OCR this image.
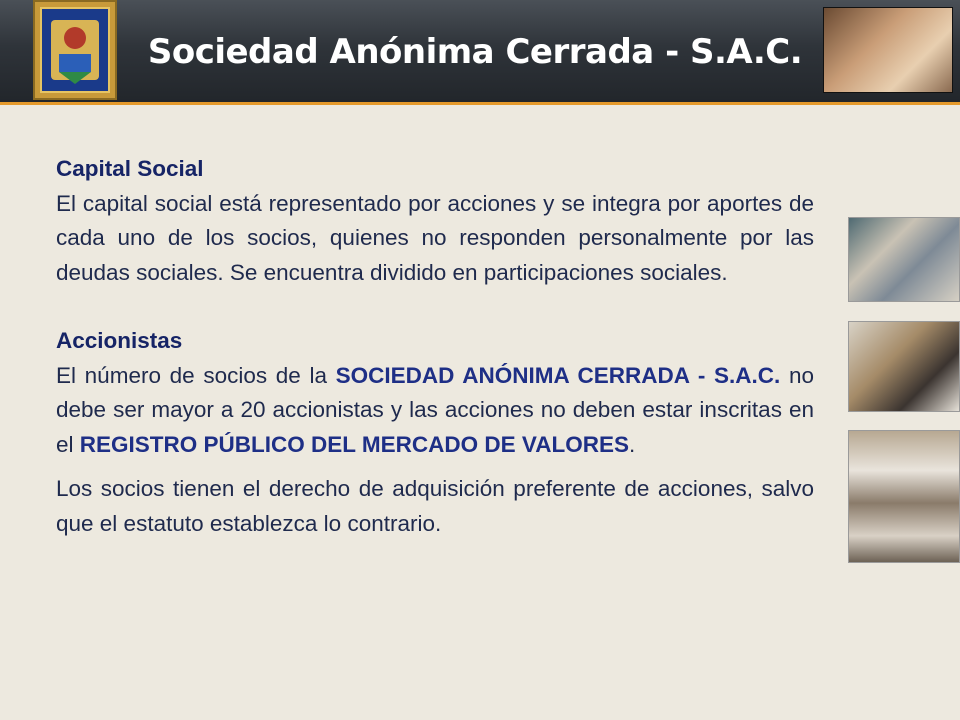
Sociedad Anónima Cerrada - S.A.C.
Capital Social

El capital social está representado por acciones y se integra por aportes de cada uno de los socios, quienes no responden personalmente por las deudas sociales. Se encuentra dividido en participaciones sociales.

Accionistas

El número de socios de la SOCIEDAD ANÓNIMA CERRADA - S.A.C. no debe ser mayor a 20 accionistas y las acciones no deben estar inscritas en el REGISTRO PÚBLICO DEL MERCADO DE VALORES.

Los socios tienen el derecho de adquisición preferente de acciones, salvo que el estatuto establezca lo contrario.
